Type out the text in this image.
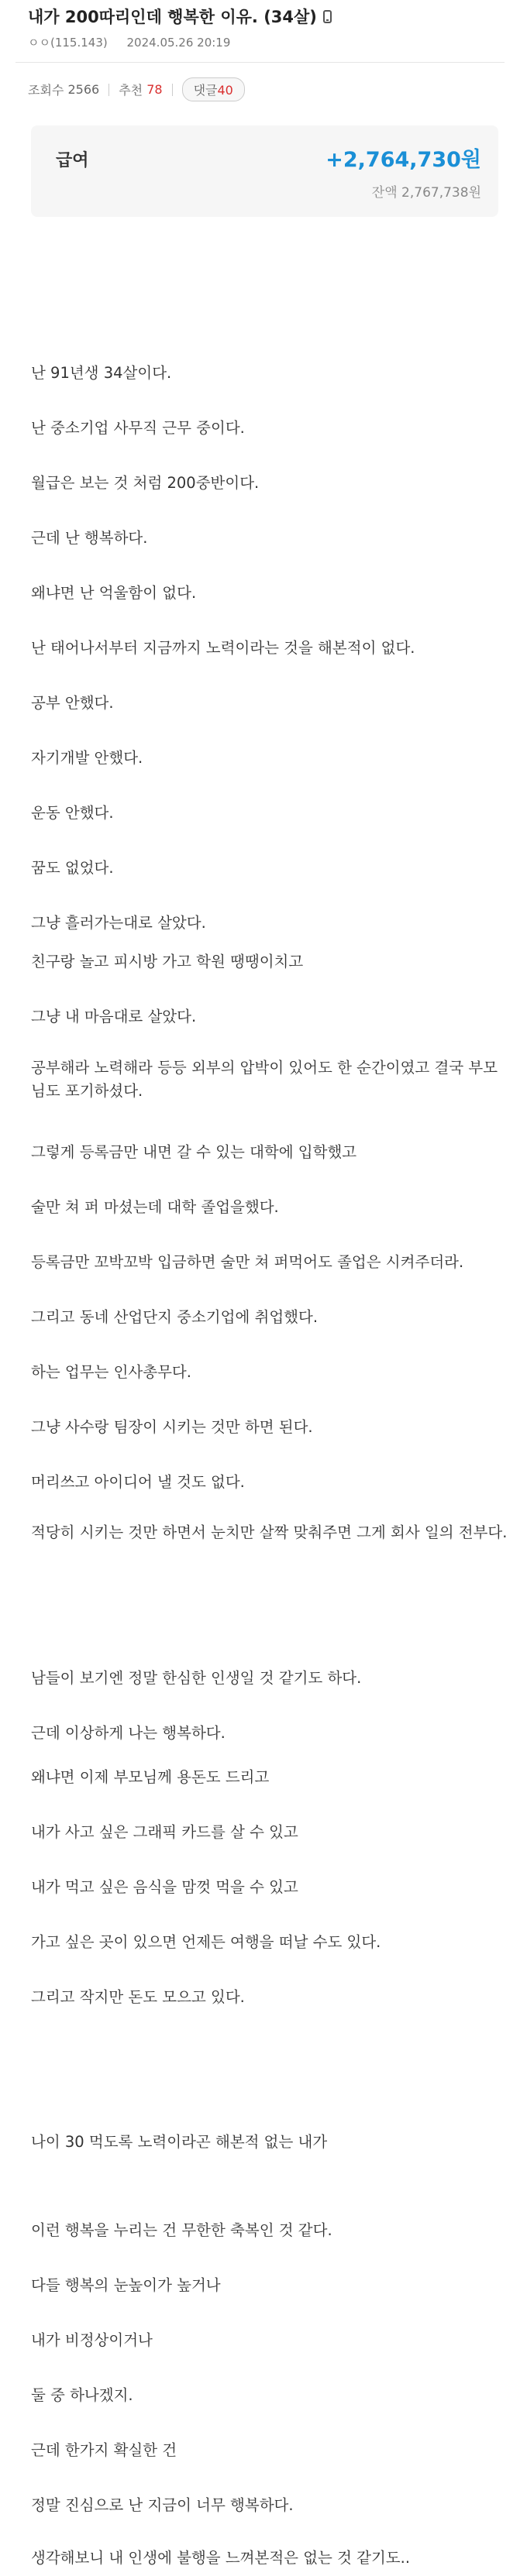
내가 200따리인데 행복한 이유. (34살)
ㅇㅇ(115.143) 2024.05.26 20:19
조회수
2566 추천
78	댓글40
급여	+2,764,730원
잔액 2,767,738원
난 91년생 34살이다.
난 중소기업 사무직 근무 중이다.
월급은 보는 것 처럼 200중반이다.
근데 난 행복하다.
왜냐면 난 억울함이 없다.
난 태어나서부터 지금까지 노력이라는 것을 해본적이 없다.
공부 안했다.
자기개발 안했다.
운동 안했다.
꿈도 없었다.
그냥 흘러가는대로 살았다.
친구랑 놀고 피시방 가고 학원 땡땡이치고
그냥 내 마음대로 살았다.
공부해라 노력해라 등등 외부의 압박이 있어도 한 순간이였고 결국 부모님도 포기하셨다.
그렇게 등록금만 내면 갈 수 있는 대학에 입학했고
술만 쳐 퍼 마셨는데 대학 졸업을했다.
등록금만 꼬박꼬박 입금하면 술만 쳐 퍼먹어도 졸업은 시켜주더라.
그리고 동네 산업단지 중소기업에 취업했다.
하는 업무는 인사총무다.
그냥 사수랑 팀장이 시키는 것만 하면 된다.
머리쓰고 아이디어 낼 것도 없다.
적당히 시키는 것만 하면서 눈치만 살짝 맞춰주면 그게 회사 일의 전부다.
남들이 보기엔 정말 한심한 인생일 것 같기도 하다.
근데 이상하게 나는 행복하다.
왜냐면 이제 부모님께 용돈도 드리고
내가 사고 싶은 그래픽 카드를 살 수 있고
내가 먹고 싶은 음식을 맘껏 먹을 수 있고
가고 싶은 곳이 있으면 언제든 여행을 떠날 수도 있다.
그리고 작지만 돈도 모으고 있다.
나이 30 먹도록 노력이라곤 해본적 없는 내가
이런 행복을 누리는 건 무한한 축복인 것 같다.
다들 행복의 눈높이가 높거나
내가 비정상이거나
둘 중 하나겠지.
근데 한가지 확실한 건
정말 진심으로 난 지금이 너무 행복하다.
생각해보니 내 인생에 불행을 느껴본적은 없는 것 같기도..
